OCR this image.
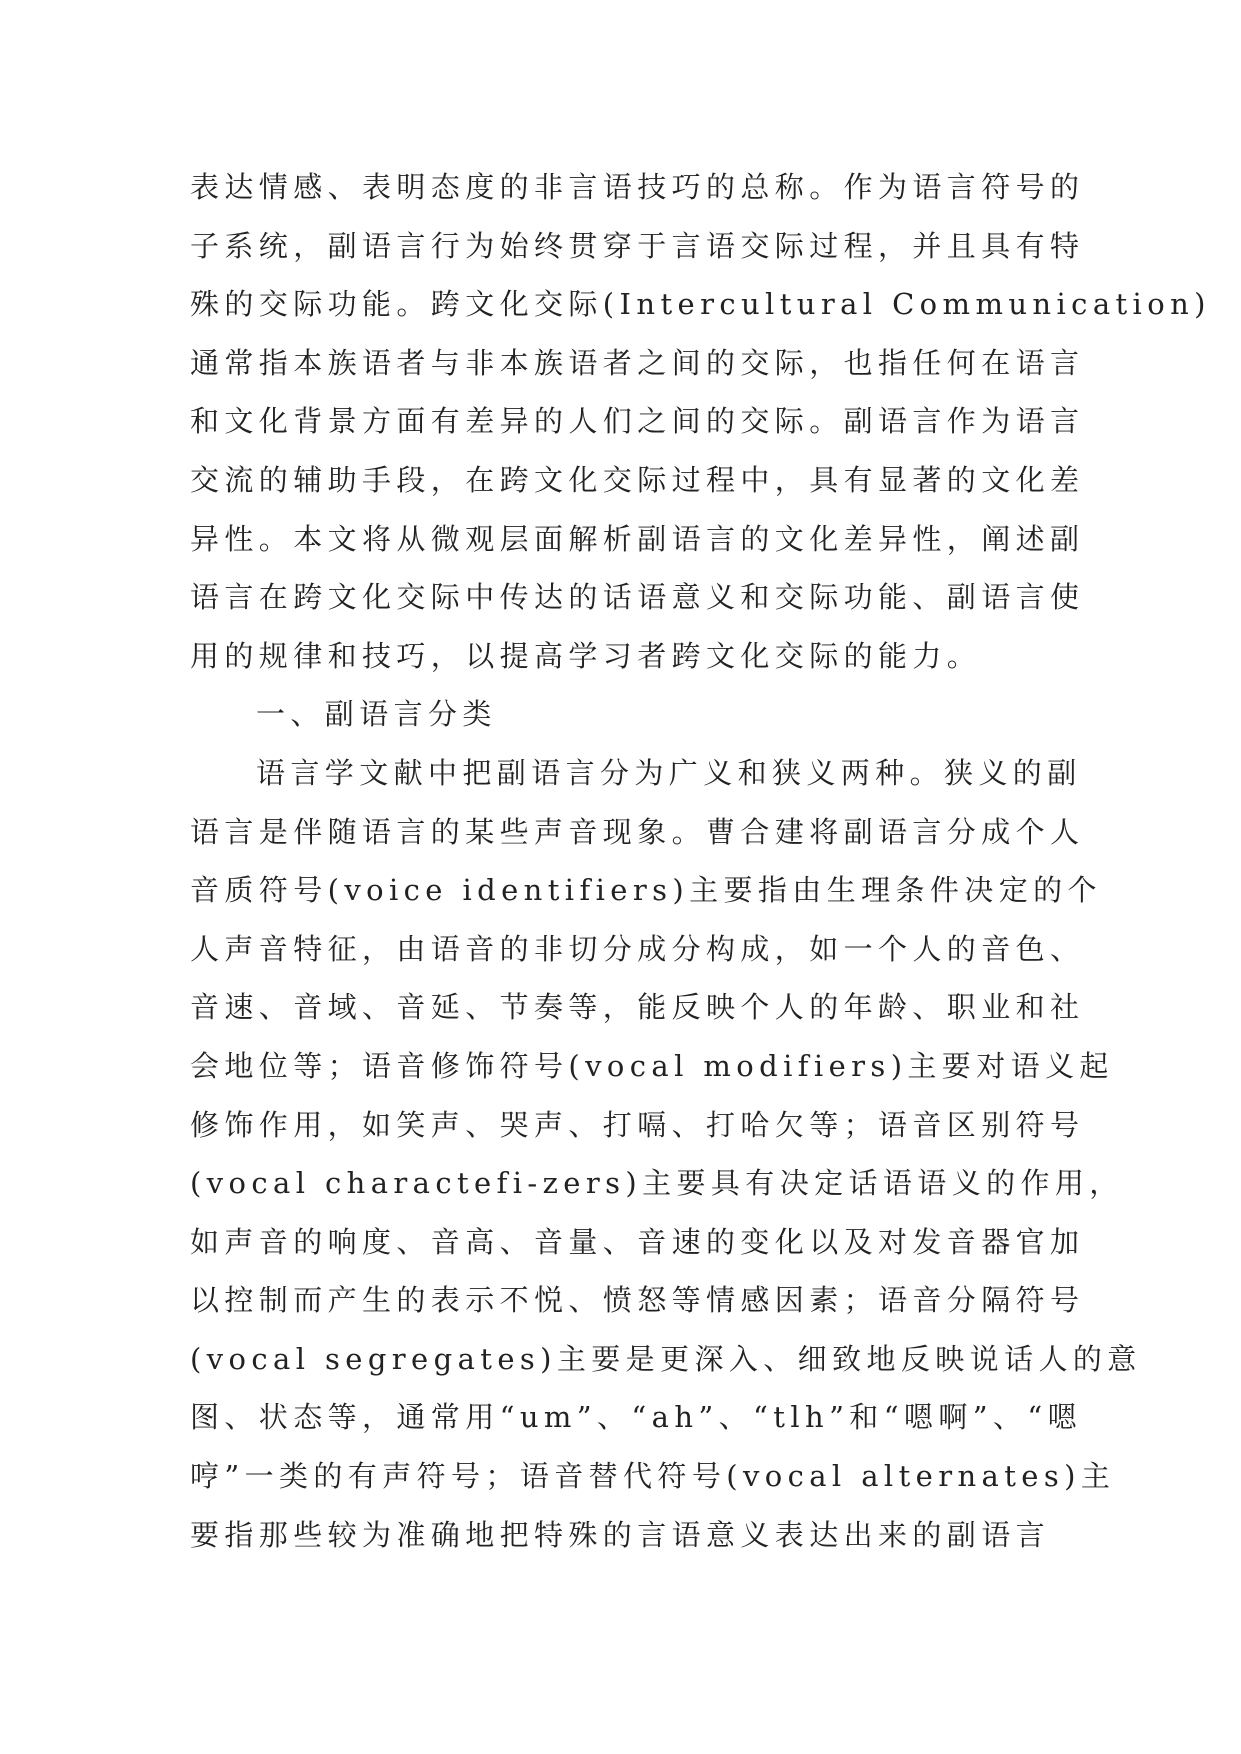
表达情感、表明态度的非言语技巧的总称。作为语言符号的
子系统，副语言行为始终贯穿于言语交际过程，并且具有特
殊的交际功能。跨文化交际(Intercultural Communication)
通常指本族语者与非本族语者之间的交际，也指任何在语言
和文化背景方面有差异的人们之间的交际。副语言作为语言
交流的辅助手段，在跨文化交际过程中，具有显著的文化差
异性。本文将从微观层面解析副语言的文化差异性，阐述副
语言在跨文化交际中传达的话语意义和交际功能、副语言使
用的规律和技巧，以提高学习者跨文化交际的能力。
一、副语言分类
语言学文献中把副语言分为广义和狭义两种。狭义的副
语言是伴随语言的某些声音现象。曹合建将副语言分成个人
音质符号(voice identifiers)主要指由生理条件决定的个
人声音特征，由语音的非切分成分构成，如一个人的音色、
音速、音域、音延、节奏等，能反映个人的年龄、职业和社
会地位等；语音修饰符号(vocal modifiers)主要对语义起
修饰作用，如笑声、哭声、打嗝、打哈欠等；语音区别符号
(vocal charactefi-zers)主要具有决定话语语义的作用，
如声音的响度、音高、音量、音速的变化以及对发音器官加
以控制而产生的表示不悦、愤怒等情感因素；语音分隔符号
(vocal segregates)主要是更深入、细致地反映说话人的意
图、状态等，通常用“um”、“ah”、“tlh”和“嗯啊”、“嗯
哼”一类的有声符号；语音替代符号(vocal alternates)主
要指那些较为准确地把特殊的言语意义表达出来的副语言
